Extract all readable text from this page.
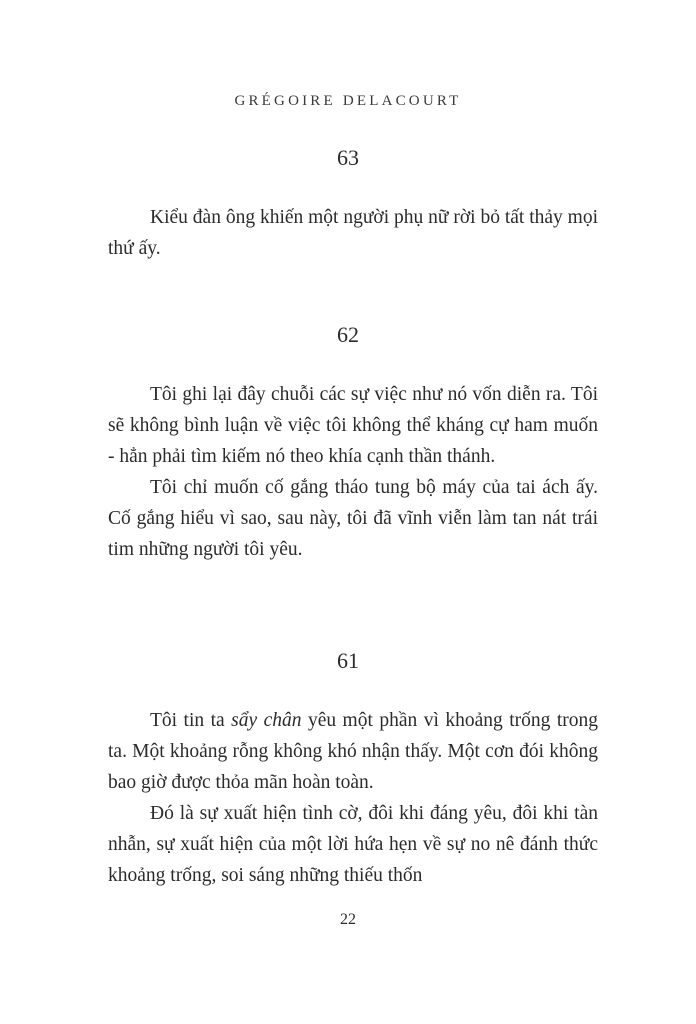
GRÉGOIRE DELACOURT
63

Kiểu đàn ông khiến một người phụ nữ rời bỏ tất thảy mọi thứ ấy.

62

Tôi ghi lại đây chuỗi các sự việc như nó vốn diễn ra. Tôi sẽ không bình luận về việc tôi không thể kháng cự ham muốn - hẳn phải tìm kiếm nó theo khía cạnh thần thánh.

Tôi chỉ muốn cố gắng tháo tung bộ máy của tai ách ấy. Cố gắng hiểu vì sao, sau này, tôi đã vĩnh viễn làm tan nát trái tim những người tôi yêu.

61

Tôi tin ta sẩy chân yêu một phần vì khoảng trống trong ta. Một khoảng rỗng không khó nhận thấy. Một cơn đói không bao giờ được thỏa mãn hoàn toàn.

Đó là sự xuất hiện tình cờ, đôi khi đáng yêu, đôi khi tàn nhẫn, sự xuất hiện của một lời hứa hẹn về sự no nê đánh thức khoảng trống, soi sáng những thiếu thốn

22
